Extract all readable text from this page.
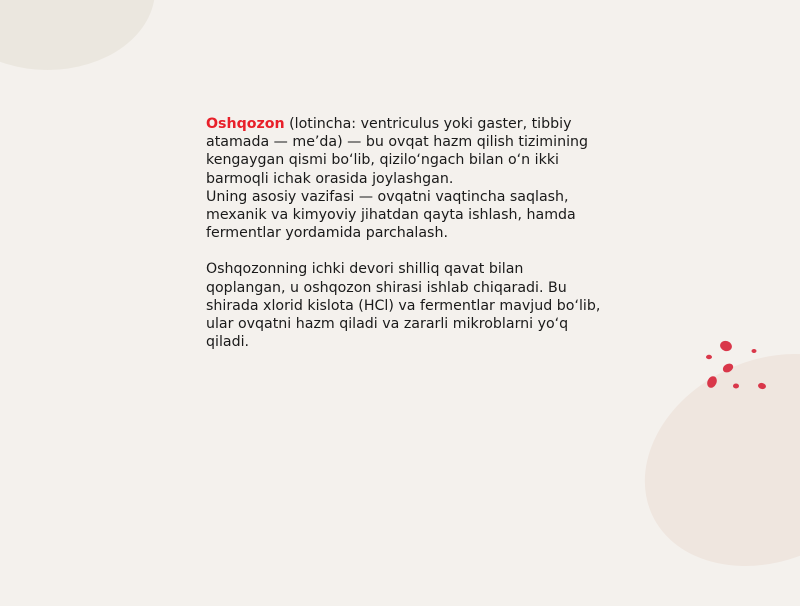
Oshqozon (lotincha: ventriculus yoki gaster, tibbiy atamada — me’da) — bu ovqat hazm qilish tizimining kengaygan qismi bo‘lib, qizilo‘ngach bilan o‘n ikki barmoqli ichak orasida joylashgan.

Uning asosiy vazifasi — ovqatni vaqtincha saqlash, mexanik va kimyoviy jihatdan qayta ishlash, hamda fermentlar yordamida parchalash.

Oshqozonning ichki devori shilliq qavat bilan qoplangan, u oshqozon shirasi ishlab chiqaradi. Bu shirada xlorid kislota (HCl) va fermentlar mavjud bo‘lib, ular ovqatni hazm qiladi va zararli mikroblarni yo‘q qiladi.
